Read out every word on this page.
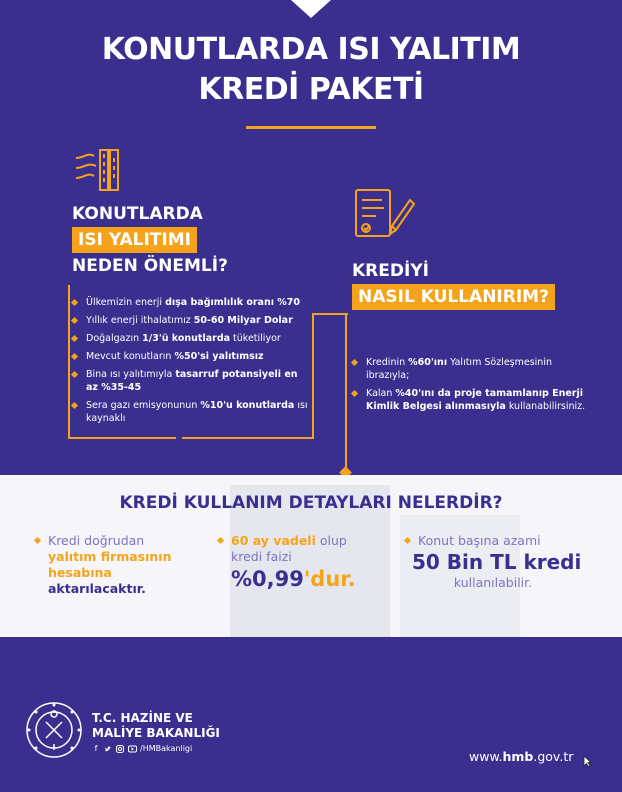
KONUTLARDA ISI YALITIM
KREDİ PAKETİ
KONUTLARDA
ISI YALITIMI
NEDEN ÖNEMLİ?
Ülkemizin enerji dışa bağımlılık oranı %70
Yıllık enerji ithalatımız 50-60 Milyar Dolar
Doğalgazın 1/3'ü konutlarda tüketiliyor
Mevcut konutların %50'si yalıtımsız
Bina ısı yalıtımıyla tasarruf potansiyeli en az %35-45
Sera gazı emisyonunun %10'u konutlarda ısı kaynaklı
KREDİYİ
NASIL KULLANIRIM?
Kredinin %60'ını Yalıtım Sözleşmesinin ibrazıyla;
Kalan %40'ını da proje tamamlanıp Enerji Kimlik Belgesi alınmasıyla kullanabilirsiniz.
KREDİ KULLANIM DETAYLARI NELERDİR?
Kredi doğrudan
yalıtım firmasının
hesabına
aktarılacaktır.
60 ay vadeli olup
kredi faizi
%0,99'dur.
Konut başına azami
50 Bin TL kredi
kullanılabilir.
T.C. HAZİNE VE
MALİYE BAKANLIĞI
f	/HMBakanligi
www.hmb.gov.tr
